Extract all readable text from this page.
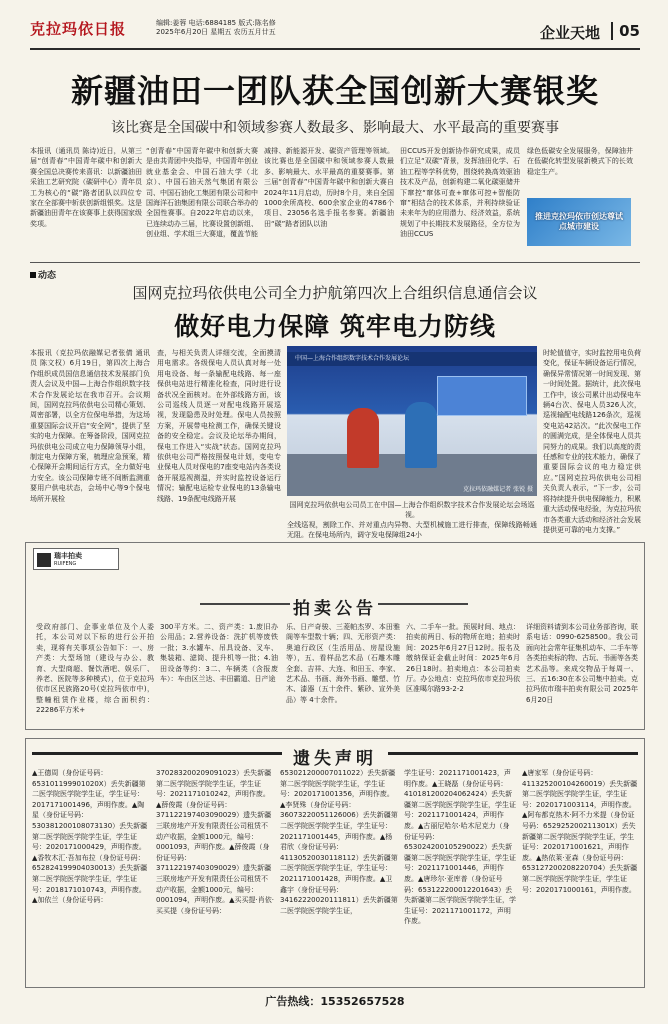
克拉玛依日报	编辑:姜蓉 电话:6884185 版式:陈名修
2025年6月20日 星期五 农历五月廿五	企业天地	05
新疆油田一团队获全国创新大赛银奖
该比赛是全国碳中和领域参赛人数最多、影响最大、水平最高的重要赛事
本报讯（通讯员 陈诗)近日，从第三届“创青春”中国青年碳中和创新大赛全国总决赛传来喜讯：以新疆油田采油工艺研究院（碳研中心）青年员工为核心的“碳”路者团队以四位专家在全部赛中斩获创新组银奖。这是新疆油田青年在该赛事上获得国家级奖项。
“创青春”中国青年碳中和创新大赛是由共青团中央指导，中国青年创业就业基金会、中国石油大学（北京）、中国石油天然气集团有限公司、中国石油化工集团有限公司和中国海洋石油集团有限公司联合举办的全国性赛事。自2022年启动以来，已连续动办三届，比赛设置创新组、创业组、学术组三大赛道，覆盖节能
减排、新能源开发、碳资产管理等领域。该比赛也是全国碳中和领域参赛人数最多、影响最大、水平最高的重要赛事。第三届“创青春”中国青年碳中和创新大赛自2024年11月启动，历时8个月，来自全国1000余所高校、600余家企业的4786个项目、23056名选手报名参赛。新疆油田“碳”路者团队以油
田CCUS开发创新协作研究成果，成员们立足“双碳”背景，发挥油田化学、石油工程等学科优势，围绕转换高效驱油技术及产品，创新构建二氧化碳驱储井下窜控“窜体可查+窜体可控+智能防窜”相结合的技术体系，并利持续验证未来年为的应用潜力、经济效益，系统规划了中长期技术发展路径，全方位为油田CCUS
绿色低碳安全发展服务，保障油井在低碳化转型发展新模式下的长效稳定生产。
推进克拉玛依市创达尊试点城市建设
动态
国网克拉玛依供电公司全力护航第四次上合组织信息通信会议
做好电力保障 筑牢电力防线
本报讯（克拉玛依融媒记者张倩 通讯员 陈文权）6月19日，第四次上海合作组织成员国信息通信技术发展部门负责人会议及中国—上海合作组织数字技术合作发展论坛在我市召开。会议期间，国网克拉玛依供电公司精心策划、周密部署，以全方位保电举措，为这场重要国际会议开启“安全网”，提供了坚实的电力保障。在筹备阶段，国网克拉玛依供电公司成立电力保障领导小组，制定电力保障方案，梳理应急预案，精心保障开会期间运行方式，全力做好电力安全。该公司保障专班不间断监测重要用户供电状态，会场中心等9个保电场所开展检
查，与相关负责人详细交流，全面摸清用电需求。各级保电人员认真对每一处用电设备、每一条输配电线路、每一座保供电站进行精准化检查，同时进行设备状况全面核对。在外部线路方面，该公司巡线人员逐一对配电线路开展巡视，发现隐患及时处理。保电人员按照方案，开展带电检测工作，确保关键设备的安全稳定。会议及论坛举办期间，保电工作进入“实战”状态。国网克拉玛依供电公司严格按照保电计划，变电专业保电人员对保电的7座变电站内各类设备开展巡视测温，并实时监控设备运行情况；输配电运检专业保电的13条输电线路、19条配电线路开展
中国—上海合作组织数字技术合作发展论坛
克拉玛依融媒记者 张锐 摄
国网克拉玛依供电公司员工在中国—上海合作组织数字技术合作发展论坛会场巡视。
全线巡视，割除工作、并对重点内异物、大型机械施工进行排查，保障线路畅通无阻。在保电场所内，调守发电保障组24小
时轮值值守，实时监控用电负荷变化，保证车辆设备运行情况，确保异常情况第一时间发现、第一时间处置。据统计，此次保电工作中，该公司累计出动保电车辆4台次、保电人员326人次，巡视输配电线路126条次，巡视变电站42站次。“此次保电工作的圆满完成，是全体保电人员共同努力的成果。我们以高度的责任感和专业的技术能力，确保了重要国际会议的电力稳定供应。”国网克拉玛依供电公司相关负责人表示，“下一步，公司将持续提升供电保障能力，积累重大活动保电经验，为克拉玛依市各类重大活动和经济社会发展提供更可靠的电力支撑。”
瑞丰拍卖
RUIFENG
拍卖公告
受政府部门、企事业单位及个人委托，本公司对以下标的进行公开拍卖，现将有关事项公告如下：一、房产类：大型场馆（建设与办公、教育、大型商超、餐饮酒吧、娱乐厂、养老、医院等多种模式），位于克拉玛依市区民族路20号(克拉玛依市中)，整幢租赁作业楼，综合面积约：22286平方米+
300平方米。二、资产类：1.废旧办公用品；2.营养设备：洗扩机等废铁一批；3.水罐车、吊具设备、叉车、集装箱、滤筒、提升机等一批；4.油田设备等约：3二、车辆类（含报废车）：车由区兰达、丰田霸道、日产途
乐、日产奇骏、三菱帕杰罗、本田雅阁等车型数十辆；四、无形资产类：奥迪行政区（生活用品、房屋设施等），五、看样品艺术品（石雕木雕全套、吉祥、大连、和田玉、李家、艺术品、书画、海外书画、雕塑、竹木、漆器（五十余件、紫砂、宣外美品）等 4十余件。
六、二手车一批。预展时间、地点：拍卖前两日、标的物所在地；拍卖时间：2025年6月27日12时。报名及缴纳保证金截止时间：2025年6月26日18时。拍卖地点：本公司拍卖厅。办公地点：克拉玛依市克拉玛依区准噶尔路93-2-2
详细资料请到本公司业务部咨询，联系电话：0990-6258500。我公司面向社会常年征集机动车、二手车等各类拍卖标的物、古玩、书画等各类艺术品等。来成交物品于每周一、三、五16:30在本公司集中拍卖。克拉玛依市瑞丰拍卖有限公司 2025年6月20日
遗失声明
▲王德周（身份证号码：653101199901020X）丢失新疆第二医学院医学院学生证，学生证号：2017171001496，声明作废。▲陶星（身份证号码：530381200108073130）丢失新疆第二医学院医学院学生证，学生证号：2020171000429，声明作废。▲香牧木汇·吾加布拉（身份证号码：652824199904030013）丢失新疆第二医学院医学院学生证，学生证号：2018171010743，声明作废。▲加依兰（身份证号码：
370283200209091023）丢失新疆第二医学院医学院学生证，学生证号：2021171010242，声明作废。▲薛俊霞（身份证号码：371122197403090029）遗失新疆三联房地产开发有限责任公司租赁不动产收据，金额1000元，编号：0001093，声明作废。▲薛俊霞（身份证号码：371122197403090029）遗失新疆三联房地产开发有限责任公司租赁不动产收据，金额1000元，编号：0001094，声明作废。▲买买提·肖依·买买提（身份证号码：
653021200007011022）丢失新疆第二医学院医学院学生证，学生证号：2020171001356，声明作废。▲李贤殊（身份证号码：36073220051126006）丢失新疆第二医学院医学院学生证，学生证号：2021171001445，声明作废。▲杨君欣（身份证号码：41130520030118112）丢失新疆第二医学院医学院学生证，学生证号：2021171001428，声明作废。▲卫鑫宇（身份证号码：34162220020111811）丢失新疆第二医学院医学院学生证，
学生证号：2021171001423，声明作废。▲王晓磊（身份证号码：410181200204062424）丢失新疆第二医学院医学院学生证，学生证号：2021171001424，声明作废。▲古丽尼哈尔·哈木尼克力（身份证号码：653024200105290022）丢失新疆第二医学院医学院学生证，学生证号：2021171001446，声明作废。▲唐珍尔·亚库普（身份证号码：653122200012201643）丢失新疆第二医学院医学院学生证，学生证号：2021171001172，声明作废。
▲唐家军（身份证号码：411325200104260019）丢失新疆第二医学院医学院学生证，学生证号：2020171003114，声明作废。▲阿布都克热木·阿不力米提（身份证号码：652925200211301X）丢失新疆第二医学院医学院学生证，学生证号：2020171001621，声明作废。▲热依莱·亚森（身份证号码：653127200208220704）丢失新疆第二医学院医学院学生证，学生证号：2020171000161，声明作废。
广告热线：15352657528
